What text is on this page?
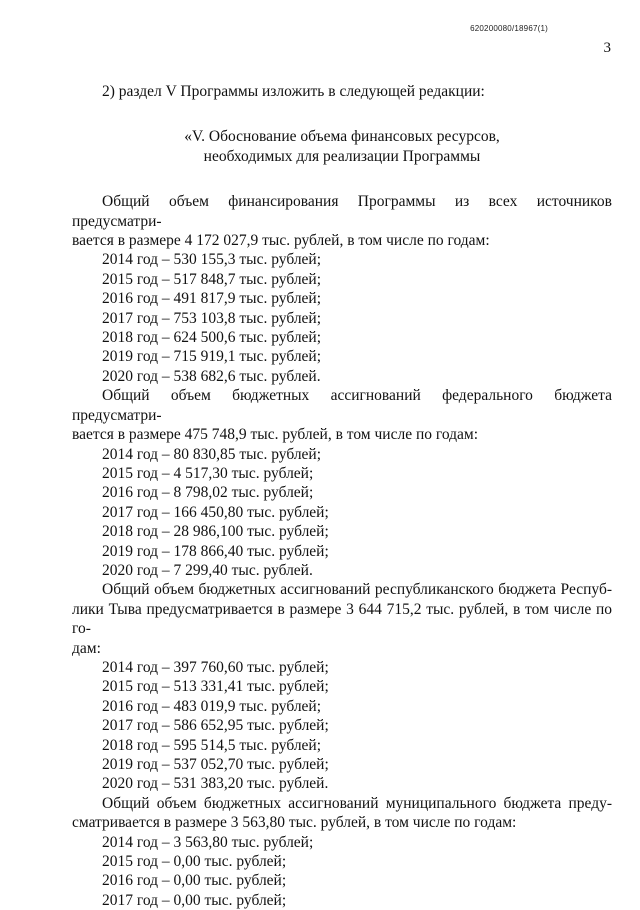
620200080/18967(1)
3

2) раздел V Программы изложить в следующей редакции:

«V. Обоснование объема финансовых ресурсов,
необходимых для реализации Программы
Общий объем финансирования Программы из всех источников предусматри-
вается в размере 4 172 027,9 тыс. рублей, в том числе по годам:
2014 год – 530 155,3 тыс. рублей;
2015 год – 517 848,7 тыс. рублей;
2016 год – 491 817,9 тыс. рублей;
2017 год – 753 103,8 тыс. рублей;
2018 год – 624 500,6 тыс. рублей;
2019 год – 715 919,1 тыс. рублей;
2020 год – 538 682,6 тыс. рублей.
Общий объем бюджетных ассигнований федерального бюджета предусматри-
вается в размере 475 748,9 тыс. рублей, в том числе по годам:
2014 год – 80 830,85 тыс. рублей;
2015 год – 4 517,30 тыс. рублей;
2016 год – 8 798,02 тыс. рублей;
2017 год – 166 450,80 тыс. рублей;
2018 год – 28 986,100 тыс. рублей;
2019 год – 178 866,40 тыс. рублей;
2020 год – 7 299,40 тыс. рублей.
Общий объем бюджетных ассигнований республиканского бюджета Респуб-
лики Тыва предусматривается в размере 3 644 715,2 тыс. рублей, в том числе по го-
дам:
2014 год – 397 760,60 тыс. рублей;
2015 год – 513 331,41 тыс. рублей;
2016 год – 483 019,9 тыс. рублей;
2017 год – 586 652,95 тыс. рублей;
2018 год – 595 514,5 тыс. рублей;
2019 год – 537 052,70 тыс. рублей;
2020 год – 531 383,20 тыс. рублей.
Общий объем бюджетных ассигнований муниципального бюджета преду-
сматривается в размере 3 563,80 тыс. рублей, в том числе по годам:
2014 год – 3 563,80 тыс. рублей;
2015 год – 0,00 тыс. рублей;
2016 год – 0,00 тыс. рублей;
2017 год – 0,00 тыс. рублей;
